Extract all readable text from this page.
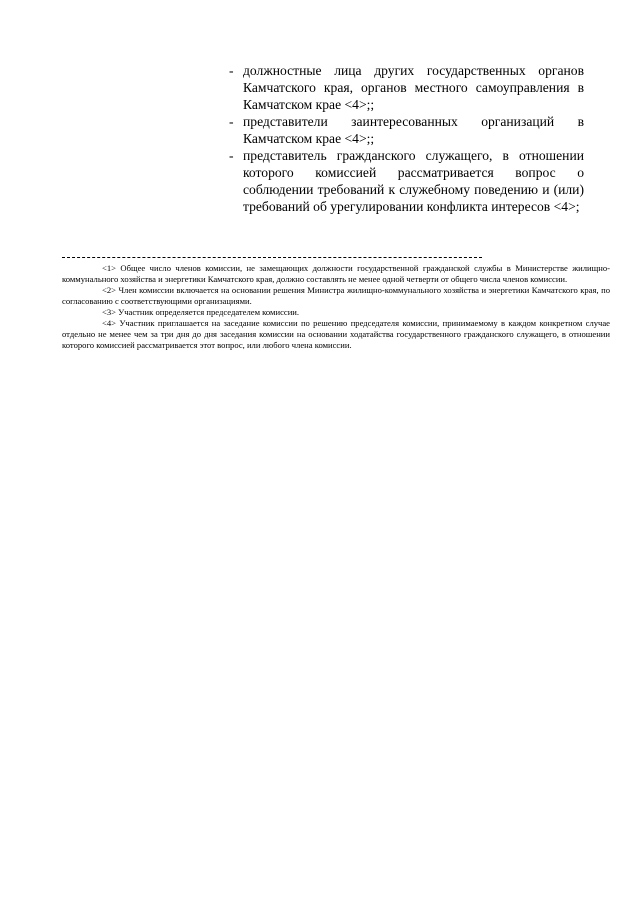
- должностные лица других государственных органов Камчатского края, органов местного самоуправления в Камчатском крае <4>;;
- представители заинтересованных организаций в Камчатском крае <4>;;
- представитель гражданского служащего, в отношении которого комиссией рассматривается вопрос о соблюдении требований к служебному поведению и (или) требований об урегулировании конфликта интересов <4>;

<1> Общее число членов комиссии, не замещающих должности государственной гражданской службы в Министерстве жилищно-коммунального хозяйства и энергетики Камчатского края, должно составлять не менее одной четверти от общего числа членов комиссии.

<2> Член комиссии включается на основании решения Министра жилищно-коммунального хозяйства и энергетики Камчатского края, по согласованию с соответствующими организациями.

<3> Участник определяется председателем комиссии.

<4> Участник приглашается на заседание комиссии по решению председателя комиссии, принимаемому в каждом конкретном случае отдельно не менее чем за три дня до дня заседания комиссии на основании ходатайства государственного гражданского служащего, в отношении которого комиссией рассматривается этот вопрос, или любого члена комиссии.
